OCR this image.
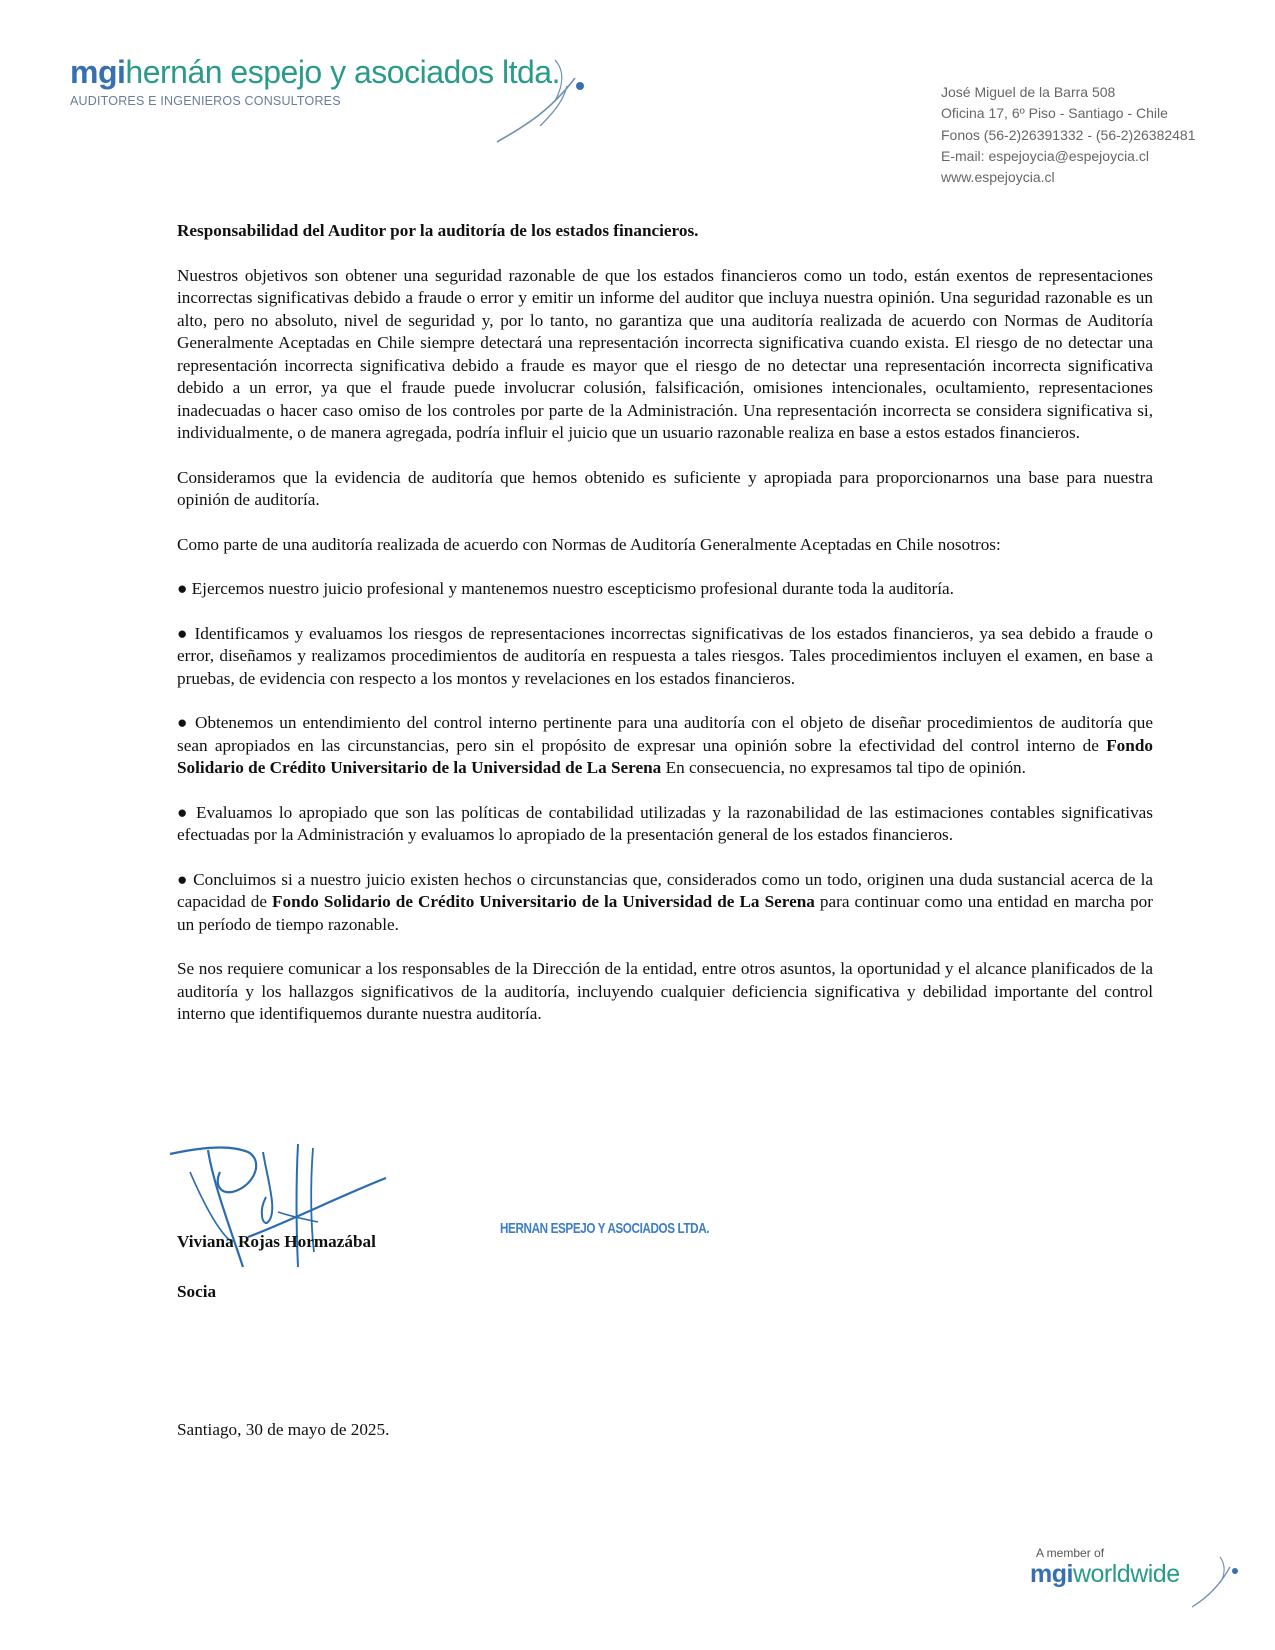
mgihernán espejo y asociados ltda.
AUDITORES E INGENIEROS CONSULTORES
José Miguel de la Barra 508
Oficina 17, 6º Piso - Santiago - Chile
Fonos (56-2)26391332 - (56-2)26382481
E-mail: espejoycia@espejoycia.cl
www.espejoycia.cl

Responsabilidad del Auditor por la auditoría de los estados financieros.

Nuestros objetivos son obtener una seguridad razonable de que los estados financieros como un todo, están exentos de representaciones incorrectas significativas debido a fraude o error y emitir un informe del auditor que incluya nuestra opinión. Una seguridad razonable es un alto, pero no absoluto, nivel de seguridad y, por lo tanto, no garantiza que una auditoría realizada de acuerdo con Normas de Auditoría Generalmente Aceptadas en Chile siempre detectará una representación incorrecta significativa cuando exista. El riesgo de no detectar una representación incorrecta significativa debido a fraude es mayor que el riesgo de no detectar una representación incorrecta significativa debido a un error, ya que el fraude puede involucrar colusión, falsificación, omisiones intencionales, ocultamiento, representaciones inadecuadas o hacer caso omiso de los controles por parte de la Administración. Una representación incorrecta se considera significativa si, individualmente, o de manera agregada, podría influir el juicio que un usuario razonable realiza en base a estos estados financieros.

Consideramos que la evidencia de auditoría que hemos obtenido es suficiente y apropiada para proporcionarnos una base para nuestra opinión de auditoría.

Como parte de una auditoría realizada de acuerdo con Normas de Auditoría Generalmente Aceptadas en Chile nosotros:

● Ejercemos nuestro juicio profesional y mantenemos nuestro escepticismo profesional durante toda la auditoría.

● Identificamos y evaluamos los riesgos de representaciones incorrectas significativas de los estados financieros, ya sea debido a fraude o error, diseñamos y realizamos procedimientos de auditoría en respuesta a tales riesgos. Tales procedimientos incluyen el examen, en base a pruebas, de evidencia con respecto a los montos y revelaciones en los estados financieros.

● Obtenemos un entendimiento del control interno pertinente para una auditoría con el objeto de diseñar procedimientos de auditoría que sean apropiados en las circunstancias, pero sin el propósito de expresar una opinión sobre la efectividad del control interno de Fondo Solidario de Crédito Universitario de la Universidad de La Serena En consecuencia, no expresamos tal tipo de opinión.

● Evaluamos lo apropiado que son las políticas de contabilidad utilizadas y la razonabilidad de las estimaciones contables significativas efectuadas por la Administración y evaluamos lo apropiado de la presentación general de los estados financieros.

● Concluimos si a nuestro juicio existen hechos o circunstancias que, considerados como un todo, originen una duda sustancial acerca de la capacidad de Fondo Solidario de Crédito Universitario de la Universidad de La Serena para continuar como una entidad en marcha por un período de tiempo razonable.

Se nos requiere comunicar a los responsables de la Dirección de la entidad, entre otros asuntos, la oportunidad y el alcance planificados de la auditoría y los hallazgos significativos de la auditoría, incluyendo cualquier deficiencia significativa y debilidad importante del control interno que identifiquemos durante nuestra auditoría.

Viviana Rojas Hormazábal
HERNAN ESPEJO Y ASOCIADOS LTDA.
Socia
Santiago, 30 de mayo de 2025.
A member of
mgiworldwide
